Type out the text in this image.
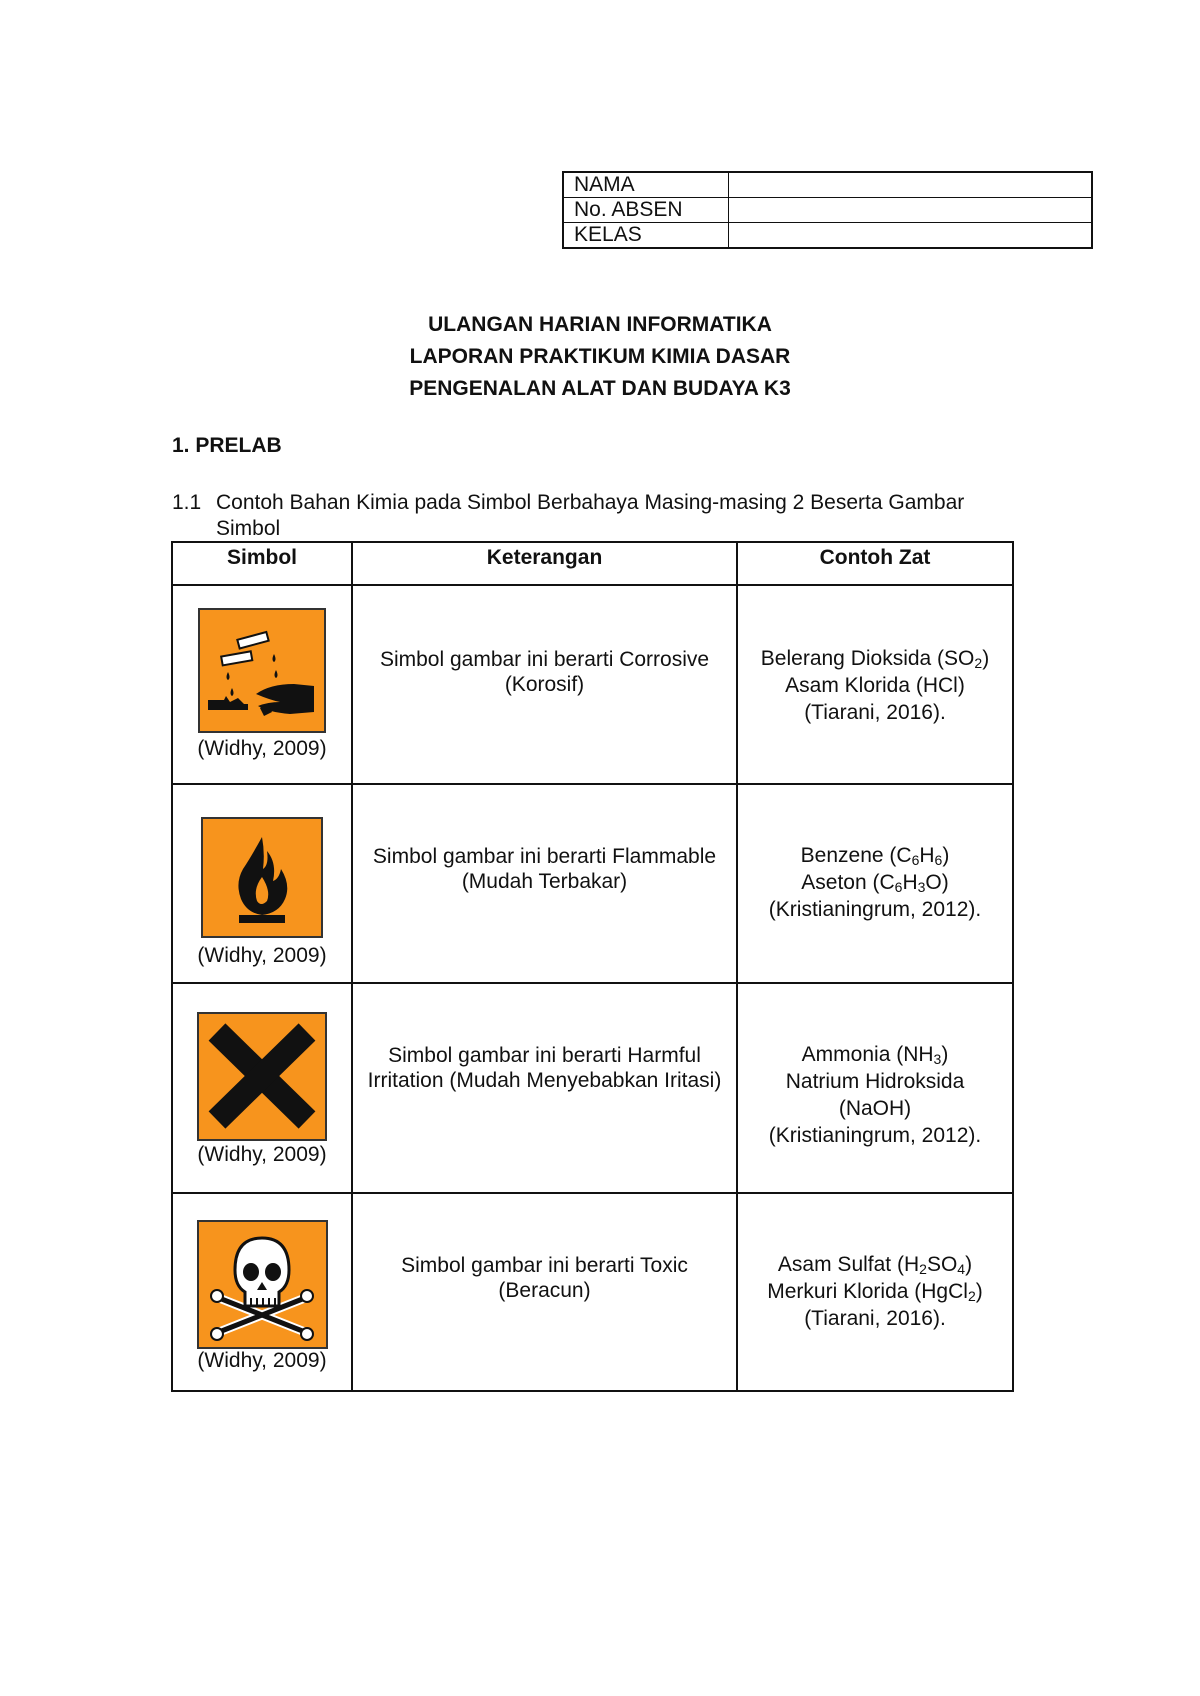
NAMA	
No. ABSEN	
KELAS	
ULANGAN HARIAN INFORMATIKA
LAPORAN PRAKTIKUM KIMIA DASAR
PENGENALAN ALAT DAN BUDAYA K3
1. PRELAB
1.1 Contoh Bahan Kimia pada Simbol Berbahaya Masing-masing 2 Beserta Gambar Simbol
Simbol	Keterangan	Contoh Zat

(Widhy, 2009)	Simbol gambar ini berarti Corrosive (Korosif)	Belerang Dioksida $(SO_2)$
Asam Klorida (HCl)
(Tiarani, 2016).

(Widhy, 2009)	Simbol gambar ini berarti Flammable (Mudah Terbakar)	Benzene $(C_6H_6)$
Aseton $(C_6H_3O)$
(Kristianingrum, 2012).

(Widhy, 2009)	Simbol gambar ini berarti Harmful Irritation (Mudah Menyebabkan Iritasi)	Ammonia $(NH_3)$
Natrium Hidroksida
(NaOH)
(Kristianingrum, 2012).

(Widhy, 2009)	Simbol gambar ini berarti Toxic (Beracun)	Asam Sulfat $(H_2SO_4)$
Merkuri Klorida (HgCl$_2$)
(Tiarani, 2016).
